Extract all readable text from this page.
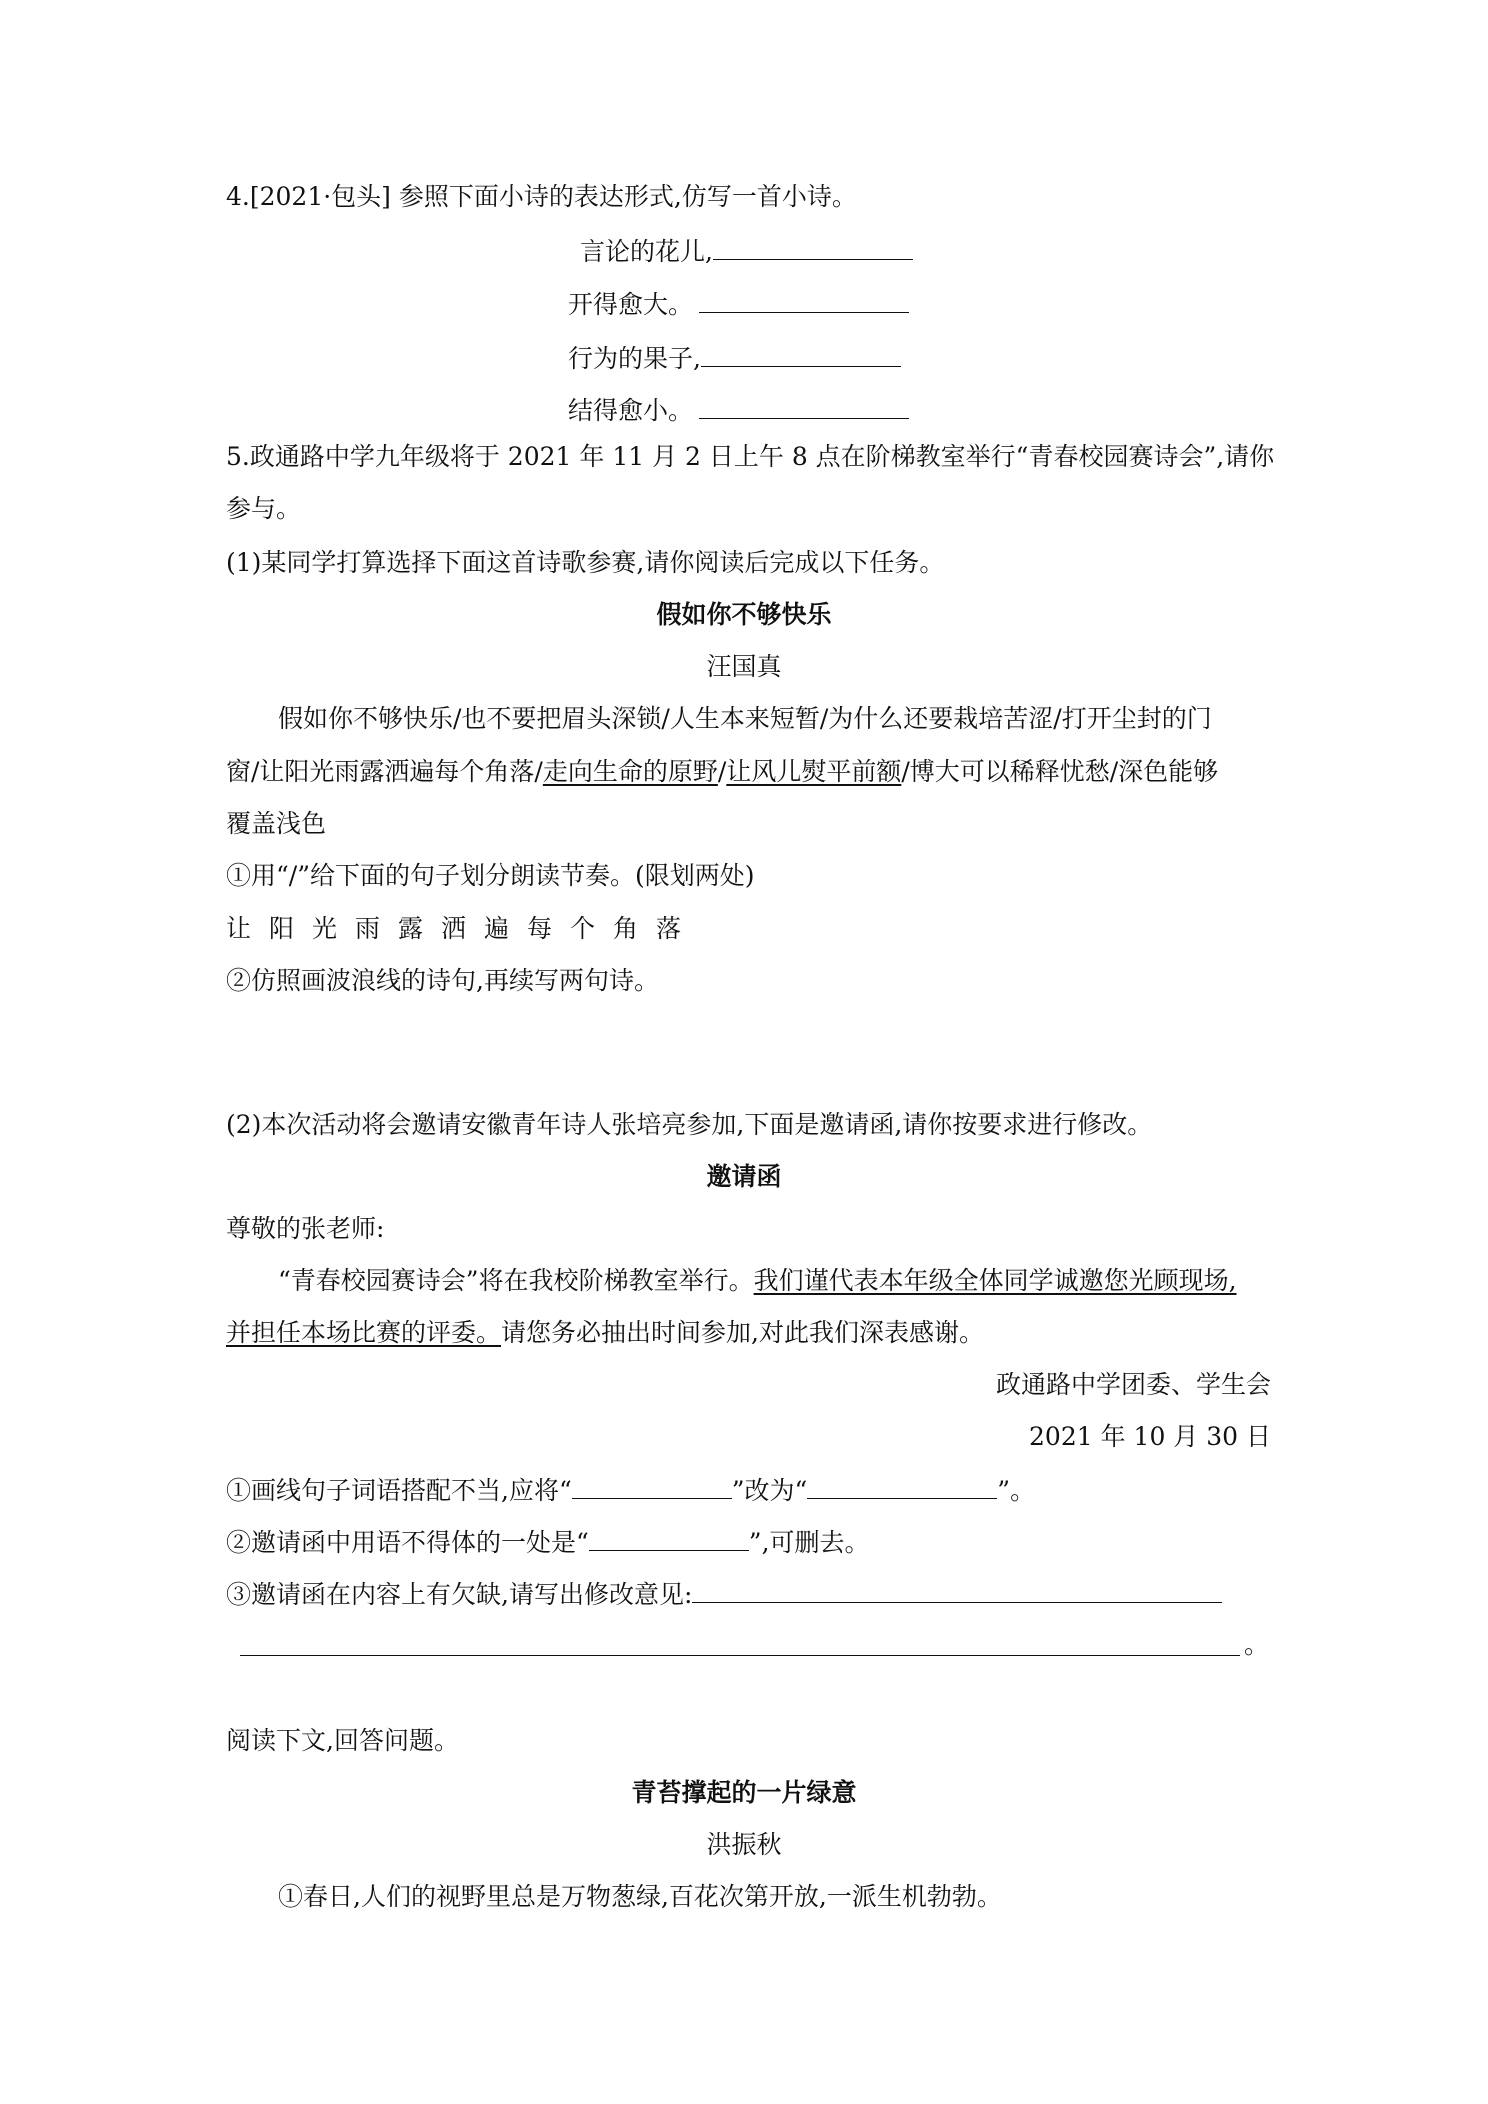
4.[2021·包头] 参照下面小诗的表达形式,仿写一首小诗。
言论的花儿,
开得愈大。
行为的果子,
结得愈小。
5.政通路中学九年级将于 2021 年 11 月 2 日上午 8 点在阶梯教室举行“青春校园赛诗会”,请你
参与。
(1)某同学打算选择下面这首诗歌参赛,请你阅读后完成以下任务。
假如你不够快乐
汪国真
假如你不够快乐/也不要把眉头深锁/人生本来短暂/为什么还要栽培苦涩/打开尘封的门
窗/让阳光雨露洒遍每个角落/走向生命的原野/让风儿熨平前额/博大可以稀释忧愁/深色能够
覆盖浅色
①用“/”给下面的句子划分朗读节奏。(限划两处)
让阳光雨露洒遍每个角落
②仿照画波浪线的诗句,再续写两句诗。
(2)本次活动将会邀请安徽青年诗人张培亮参加,下面是邀请函,请你按要求进行修改。
邀请函
尊敬的张老师:
“青春校园赛诗会”将在我校阶梯教室举行。我们谨代表本年级全体同学诚邀您光顾现场,
并担任本场比赛的评委。请您务必抽出时间参加,对此我们深表感谢。
政通路中学团委、学生会
2021 年 10 月 30 日
①画线句子词语搭配不当,应将“	”改为“	”。
②邀请函中用语不得体的一处是“	”,可删去。
③邀请函在内容上有欠缺,请写出修改意见:
。
阅读下文,回答问题。
青苔撑起的一片绿意
洪振秋
①春日,人们的视野里总是万物葱绿,百花次第开放,一派生机勃勃。
